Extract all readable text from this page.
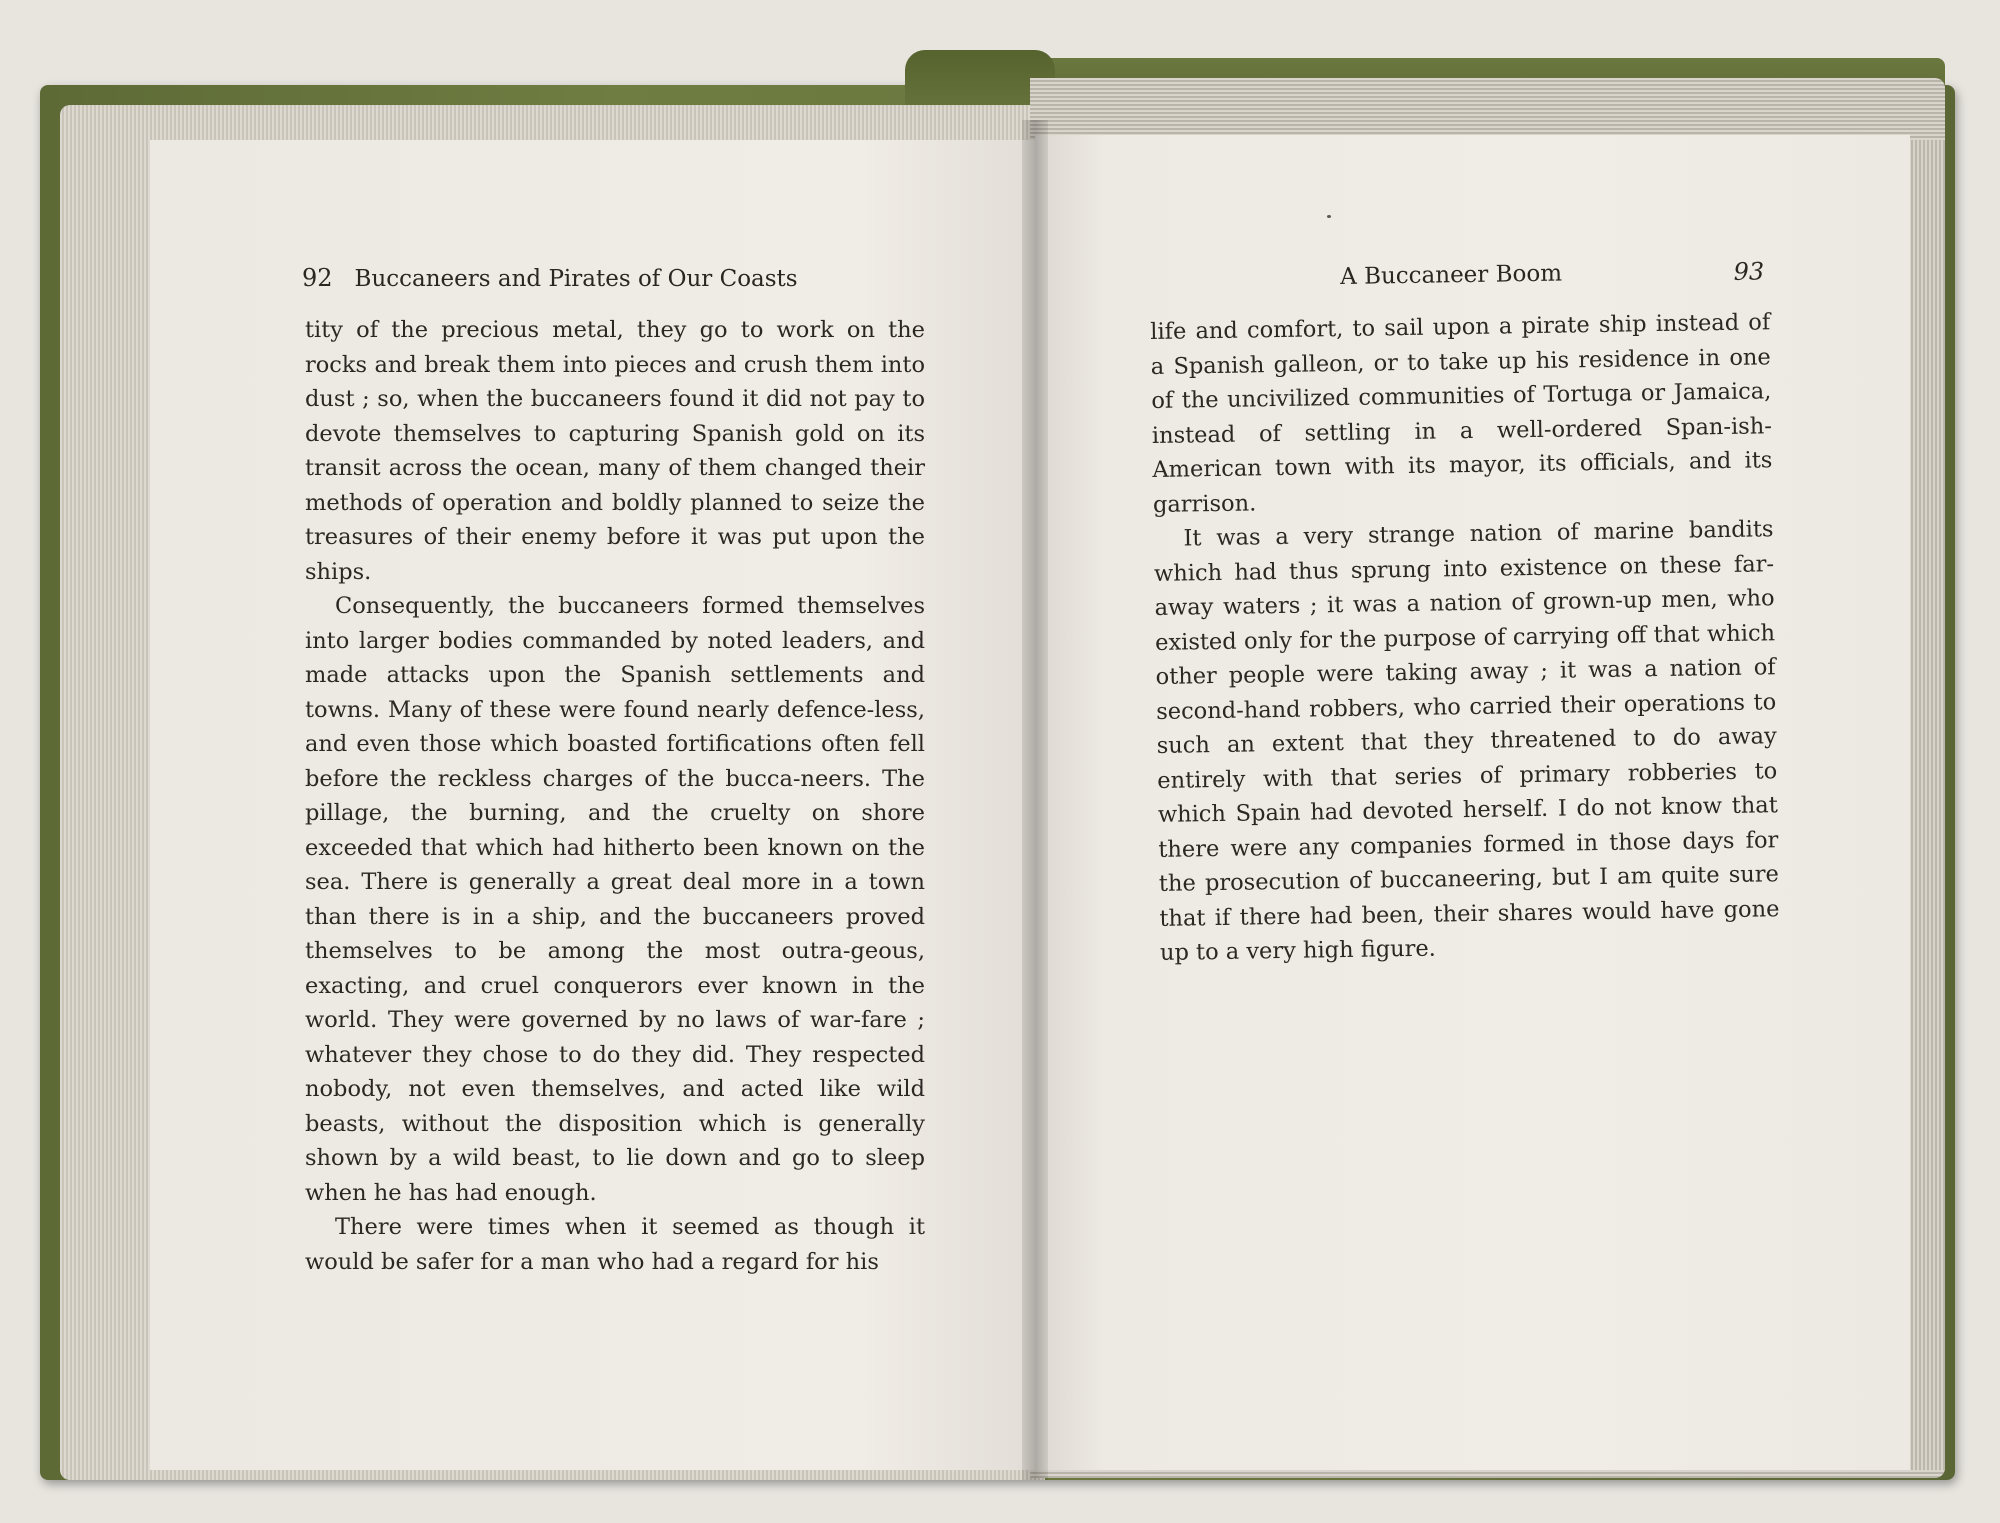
92 Buccaneers and Pirates of Our Coasts

tity of the precious metal, they go to work on the rocks and break them into pieces and crush them into dust ; so, when the buccaneers found it did not pay to devote themselves to capturing Spanish gold on its transit across the ocean, many of them changed their methods of operation and boldly planned to seize the treasures of their enemy before it was put upon the ships.

Consequently, the buccaneers formed themselves into larger bodies commanded by noted leaders, and made attacks upon the Spanish settlements and towns. Many of these were found nearly defence-less, and even those which boasted fortifications often fell before the reckless charges of the bucca-neers. The pillage, the burning, and the cruelty on shore exceeded that which had hitherto been known on the sea. There is generally a great deal more in a town than there is in a ship, and the buccaneers proved themselves to be among the most outra-geous, exacting, and cruel conquerors ever known in the world. They were governed by no laws of war-fare ; whatever they chose to do they did. They respected nobody, not even themselves, and acted like wild beasts, without the disposition which is generally shown by a wild beast, to lie down and go to sleep when he has had enough.

There were times when it seemed as though it would be safer for a man who had a regard for his

A Buccaneer Boom	93

life and comfort, to sail upon a pirate ship instead of a Spanish galleon, or to take up his residence in one of the uncivilized communities of Tortuga or Jamaica, instead of settling in a well-ordered Span-ish-American town with its mayor, its officials, and its garrison.

It was a very strange nation of marine bandits which had thus sprung into existence on these far-away waters ; it was a nation of grown-up men, who existed only for the purpose of carrying off that which other people were taking away ; it was a nation of second-hand robbers, who carried their operations to such an extent that they threatened to do away entirely with that series of primary robberies to which Spain had devoted herself. I do not know that there were any companies formed in those days for the prosecution of buccaneering, but I am quite sure that if there had been, their shares would have gone up to a very high figure.
